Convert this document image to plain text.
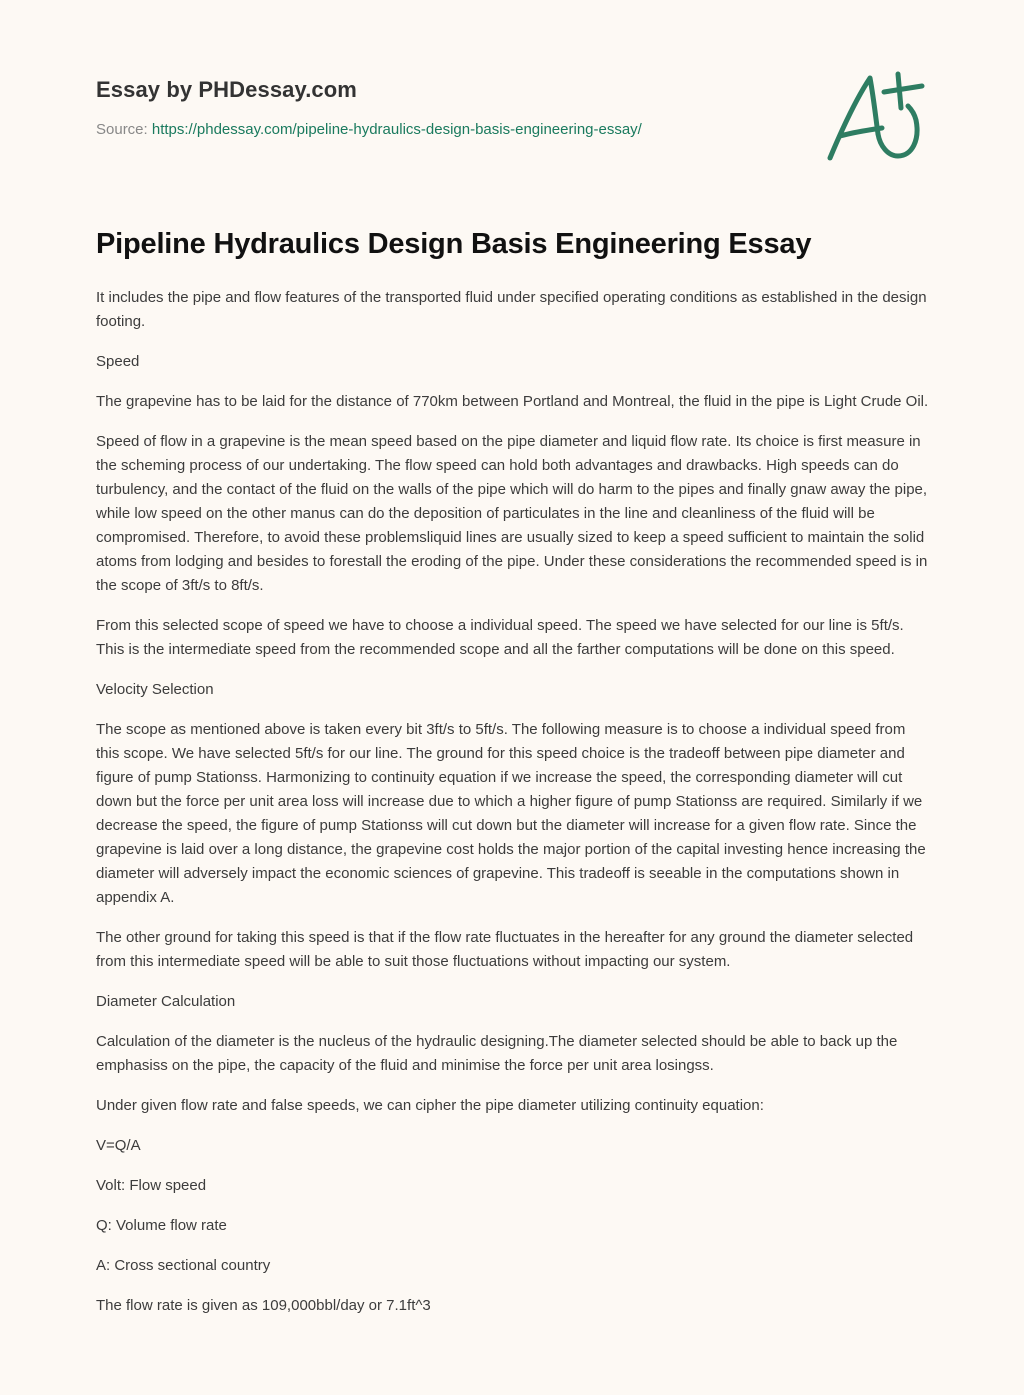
Essay by PHDessay.com
Source: https://phdessay.com/pipeline-hydraulics-design-basis-engineering-essay/
Pipeline Hydraulics Design Basis Engineering Essay

It includes the pipe and flow features of the transported fluid under specified operating conditions as established in the design footing.

Speed

The grapevine has to be laid for the distance of 770km between Portland and Montreal, the fluid in the pipe is Light Crude Oil.

Speed of flow in a grapevine is the mean speed based on the pipe diameter and liquid flow rate. Its choice is first measure in the scheming process of our undertaking. The flow speed can hold both advantages and drawbacks. High speeds can do turbulency, and the contact of the fluid on the walls of the pipe which will do harm to the pipes and finally gnaw away the pipe, while low speed on the other manus can do the deposition of particulates in the line and cleanliness of the fluid will be compromised. Therefore, to avoid these problemsliquid lines are usually sized to keep a speed sufficient to maintain the solid atoms from lodging and besides to forestall the eroding of the pipe. Under these considerations the recommended speed is in the scope of 3ft/s to 8ft/s.

From this selected scope of speed we have to choose a individual speed. The speed we have selected for our line is 5ft/s. This is the intermediate speed from the recommended scope and all the farther computations will be done on this speed.

Velocity Selection

The scope as mentioned above is taken every bit 3ft/s to 5ft/s. The following measure is to choose a individual speed from this scope. We have selected 5ft/s for our line. The ground for this speed choice is the tradeoff between pipe diameter and figure of pump Stationss. Harmonizing to continuity equation if we increase the speed, the corresponding diameter will cut down but the force per unit area loss will increase due to which a higher figure of pump Stationss are required. Similarly if we decrease the speed, the figure of pump Stationss will cut down but the diameter will increase for a given flow rate. Since the grapevine is laid over a long distance, the grapevine cost holds the major portion of the capital investing hence increasing the diameter will adversely impact the economic sciences of grapevine. This tradeoff is seeable in the computations shown in appendix A.

The other ground for taking this speed is that if the flow rate fluctuates in the hereafter for any ground the diameter selected from this intermediate speed will be able to suit those fluctuations without impacting our system.

Diameter Calculation

Calculation of the diameter is the nucleus of the hydraulic designing.The diameter selected should be able to back up the emphasiss on the pipe, the capacity of the fluid and minimise the force per unit area losingss.

Under given flow rate and false speeds, we can cipher the pipe diameter utilizing continuity equation:

V=Q/A

Volt: Flow speed

Q: Volume flow rate

A: Cross sectional country

The flow rate is given as 109,000bbl/day or 7.1ft^3
